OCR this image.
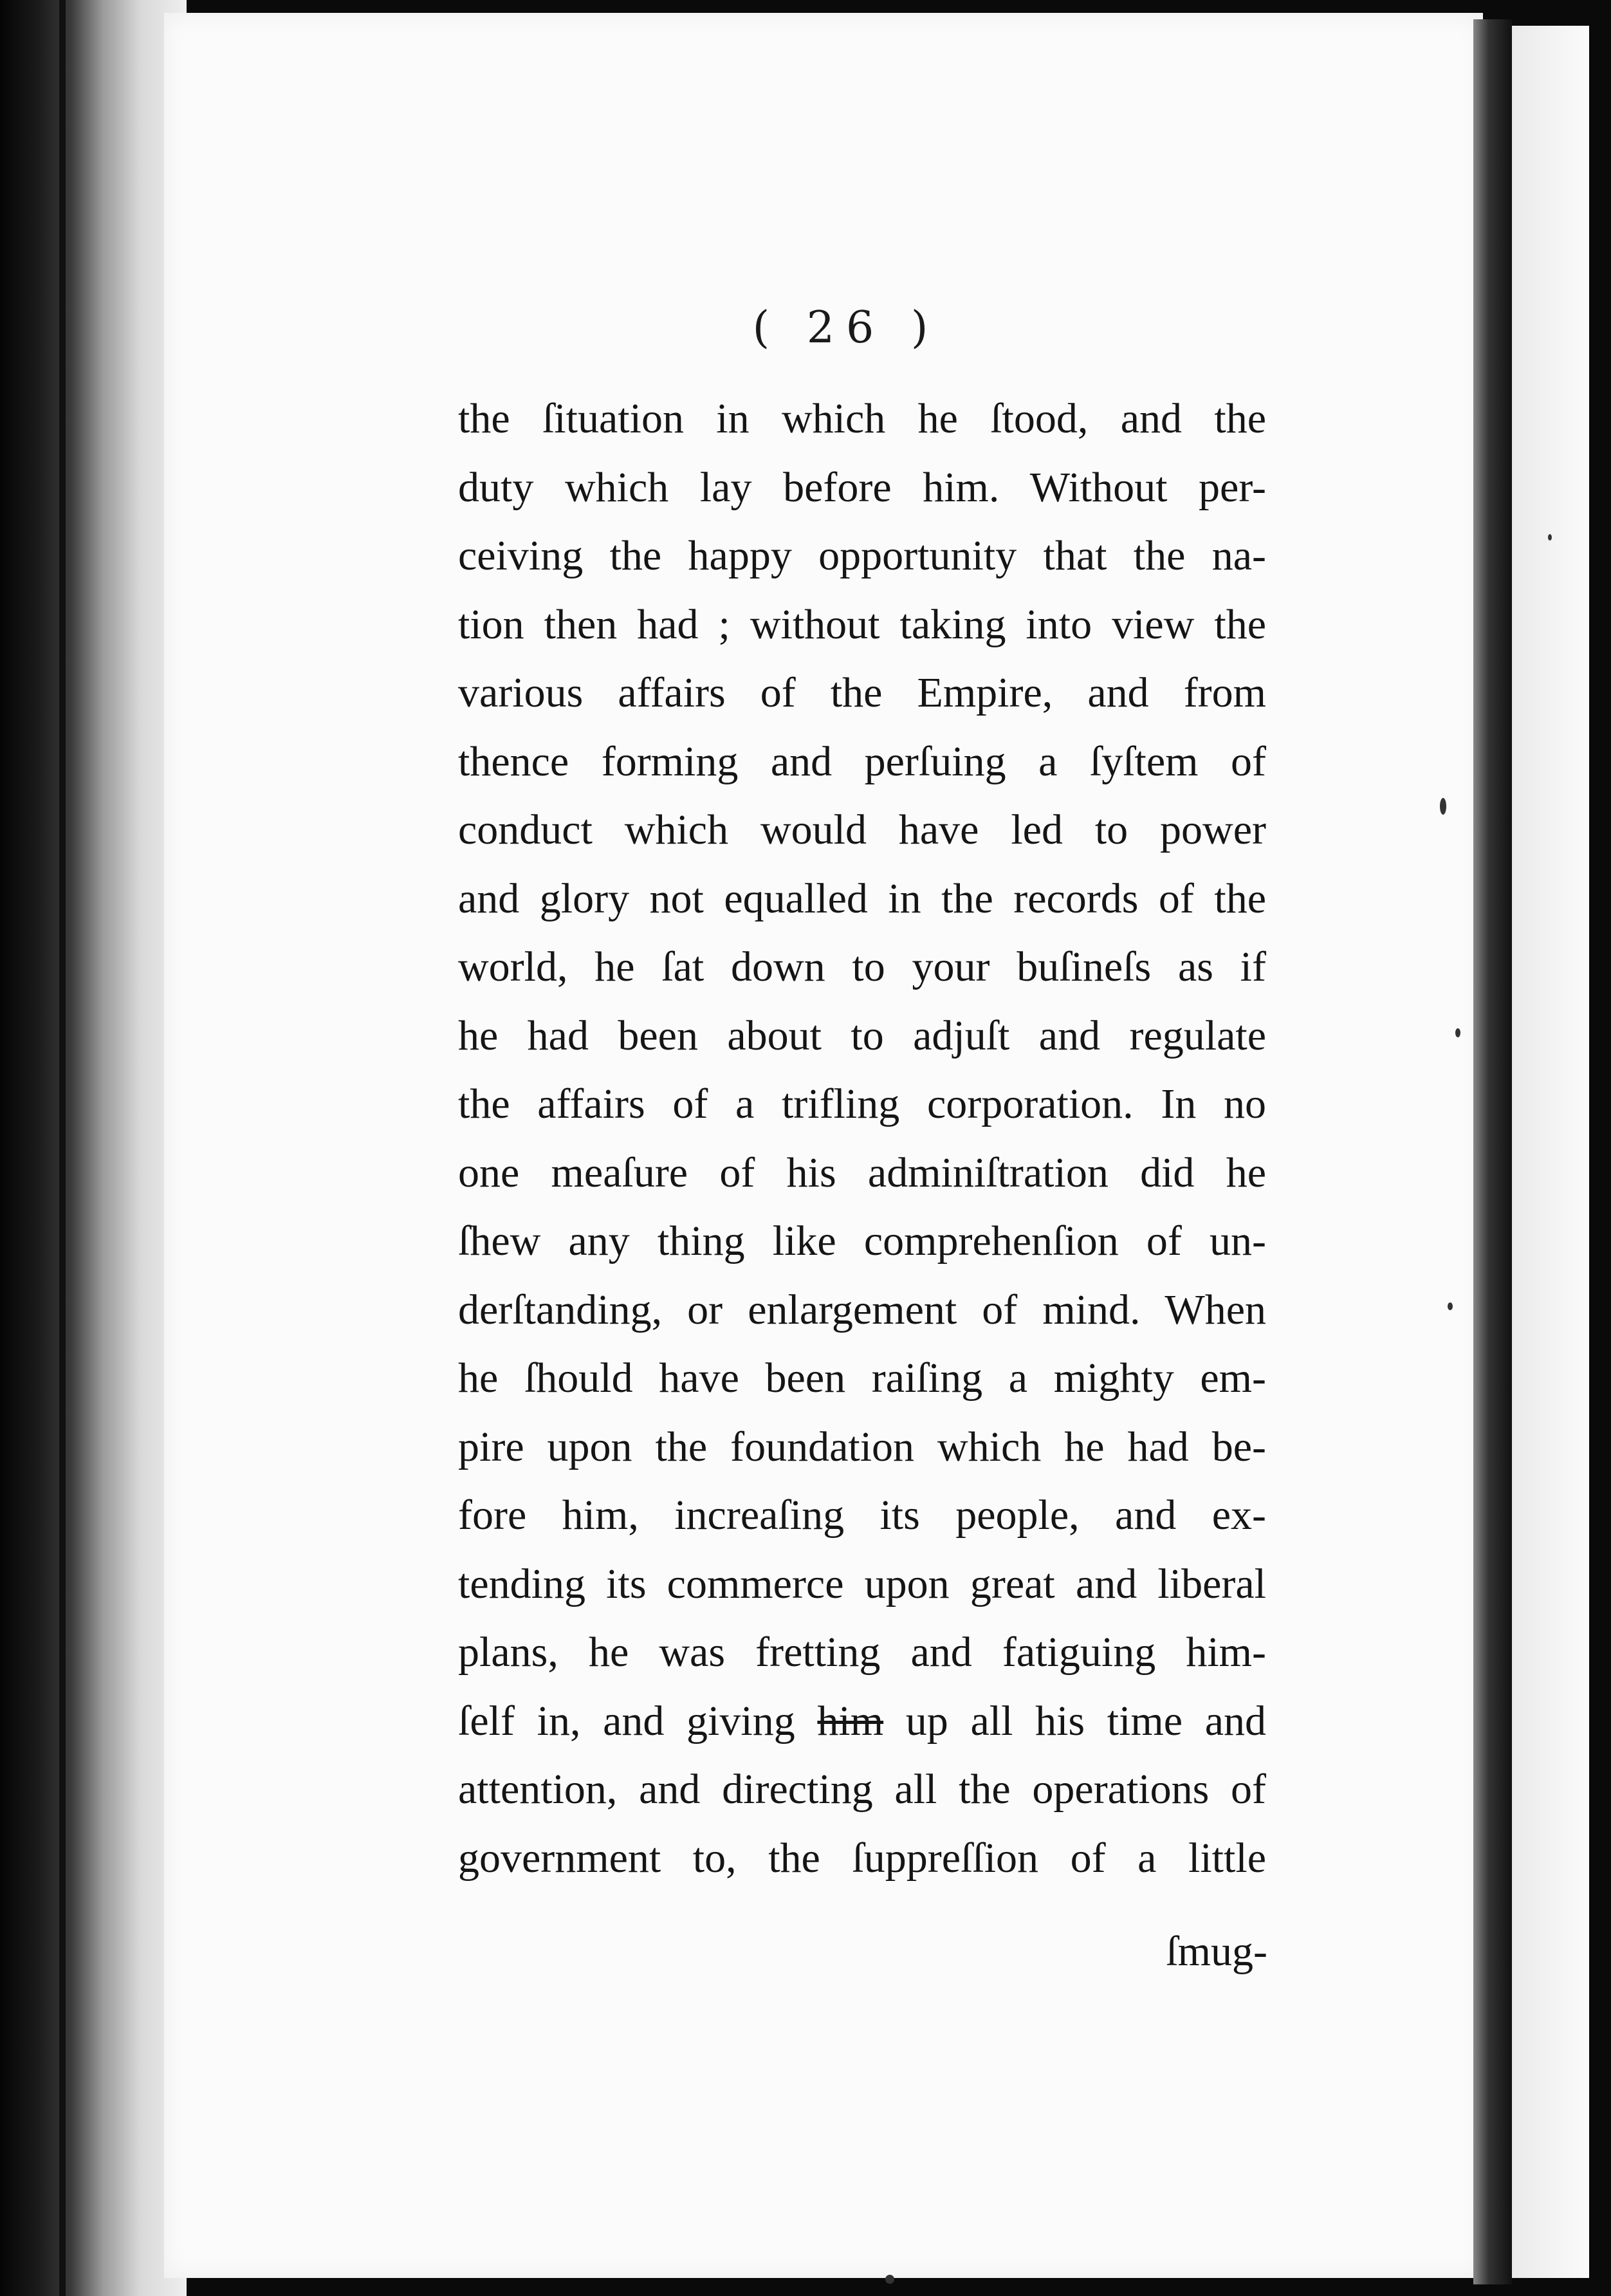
( 26 )
the ſituation in which he ſtood, and the
duty which lay before him. Without per-
ceiving the happy opportunity that the na-
tion then had ; without taking into view the
various affairs of the Empire, and from
thence forming and perſuing a ſyſtem of
conduct which would have led to power
and glory not equalled in the records of the
world, he ſat down to your buſineſs as if
he had been about to adjuſt and regulate
the affairs of a trifling corporation. In no
one meaſure of his adminiſtration did he
ſhew any thing like comprehenſion of un-
derſtanding, or enlargement of mind. When
he ſhould have been raiſing a mighty em-
pire upon the foundation which he had be-
fore him, increaſing its people, and ex-
tending its commerce upon great and liberal
plans, he was fretting and fatiguing him-
ſelf in, and giving him up all his time and
attention, and directing all the operations of
government to, the ſuppreſſion of a little
ſmug-
